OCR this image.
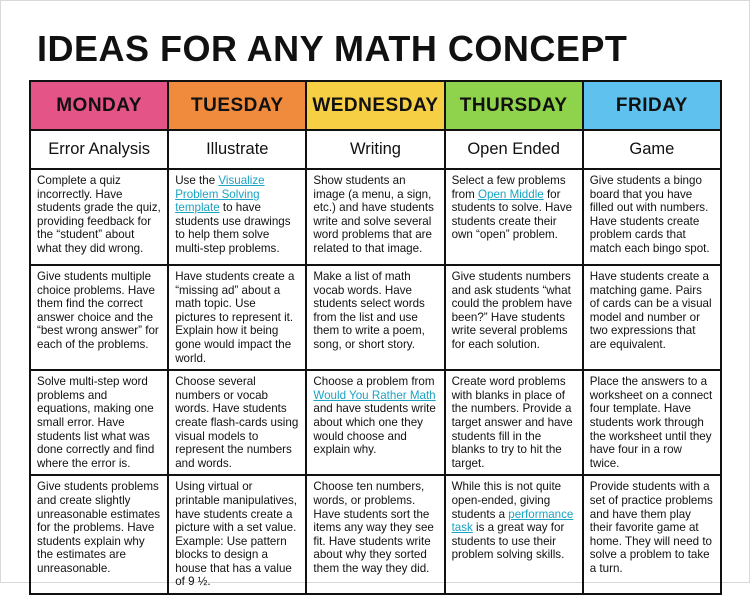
IDEAS FOR ANY MATH CONCEPT
MONDAY	TUESDAY	WEDNESDAY	THURSDAY	FRIDAY
Error Analysis	Illustrate	Writing	Open Ended	Game
Complete a quiz incorrectly. Have students grade the quiz, providing feedback for the “student” about what they did wrong.	Use the Visualize Problem Solving template to have students use drawings to help them solve multi-step problems.	Show students an image (a menu, a sign, etc.) and have students write and solve several word problems that are related to that image.	Select a few problems from Open Middle for students to solve. Have students create their own “open” problem.	Give students a bingo board that you have filled out with numbers. Have students create problem cards that match each bingo spot.
Give students multiple choice problems. Have them find the correct answer choice and the “best wrong answer” for each of the problems.	Have students create a “missing ad” about a math topic. Use pictures to represent it. Explain how it being gone would impact the world.	Make a list of math vocab words. Have students select words from the list and use them to write a poem, song, or short story.	Give students numbers and ask students “what could the problem have been?” Have students write several problems for each solution.	Have students create a matching game. Pairs of cards can be a visual model and number or two expressions that are equivalent.
Solve multi-step word problems and equations, making one small error. Have students list what was done correctly and find where the error is.	Choose several numbers or vocab words. Have students create flash-cards using visual models to represent the numbers and words.	Choose a problem from Would You Rather Math and have students write about which one they would choose and explain why.	Create word problems with blanks in place of the numbers. Provide a target answer and have students fill in the blanks to try to hit the target.	Place the answers to a worksheet on a connect four template. Have students work through the worksheet until they have four in a row twice.
Give students problems and create slightly unreasonable estimates for the problems. Have students explain why the estimates are unreasonable.	Using virtual or printable manipulatives, have students create a picture with a set value. Example: Use pattern blocks to design a house that has a value of 9 ½.	Choose ten numbers, words, or problems. Have students sort the items any way they see fit. Have students write about why they sorted them the way they did.	While this is not quite open-ended, giving students a performance task is a great way for students to use their problem solving skills.	Provide students with a set of practice problems and have them play their favorite game at home. They will need to solve a problem to take a turn.
